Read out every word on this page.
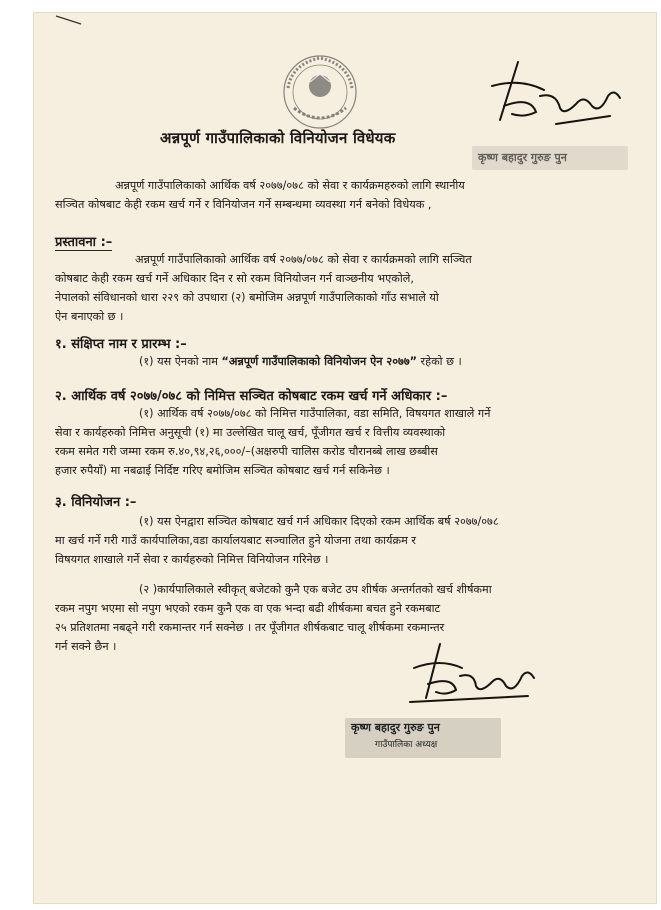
कृष्ण बहादुर गुरुङ पुन
कृष्ण बहादुर गुरुङ पुन
गाउँपालिका अध्यक्ष
अन्नपूर्ण गाउँपालिकाको विनियोजन विधेयक
अन्नपूर्ण गाउँपालिकाको आर्थिक वर्ष २०७७/०७८ को सेवा र कार्यक्रमहरुको लागि स्थानीय
सञ्चित कोषबाट केही रकम खर्च गर्ने र विनियोजन गर्ने सम्बन्धमा व्यवस्था गर्न बनेको विधेयक ,
प्रस्तावना :–
अन्नपूर्ण गाउँपालिकाको आर्थिक वर्ष २०७७/०७८ को सेवा र कार्यक्रमको लागि सञ्चित
कोषबाट केही रकम खर्च गर्ने अधिकार दिन र सो रकम विनियोजन गर्न वाञ्छनीय भएकोले,
नेपालको संविधानको धारा २२९ को उपधारा (२) बमोजिम अन्नपूर्ण गाउँपालिकाको गाँउ सभाले यो
ऐन बनाएको छ ।
१. संक्षिप्त नाम र प्रारम्भ :–
(१) यस ऐनको नाम “अन्नपूर्ण गाउँपालिकाको विनियोजन ऐन २०७७” रहेको छ ।
२. आर्थिक वर्ष २०७७/०७८ को निमित्त सञ्चित कोषबाट रकम खर्च गर्ने अधिकार :–
(१) आर्थिक वर्ष २०७७/०७८ को निमित्त गाउँपालिका, वडा समिति, विषयगत शाखाले गर्ने
सेवा र कार्यहरुको निमित्त अनुसूची (१) मा उल्लेखित चालू खर्च, पूँजीगत खर्च र वित्तीय व्यवस्थाको
रकम समेत गरी जम्मा रकम रु.४०,९४,२६,०००/–(अक्षरुपी चालिस करोड चौरानब्बे लाख छब्बीस
हजार रुपैयाँ) मा नबढाई निर्दिष्ट गरिए बमोजिम सञ्चित कोषबाट खर्च गर्न सकिनेछ ।
३. विनियोजन :–
(१) यस ऐनद्वारा सञ्चित कोषबाट खर्च गर्न अधिकार दिएको रकम आर्थिक बर्ष २०७७/०७८
मा खर्च गर्ने गरी गाउँ कार्यपालिका,वडा कार्यालयबाट सञ्चालित हुने योजना तथा कार्यक्रम र
विषयगत शाखाले गर्ने सेवा र कार्यहरुको निमित्त विनियोजन गरिनेछ ।
(२ )कार्यपालिकाले स्वीकृत् बजेटको कुनै एक बजेट उप शीर्षक अन्तर्गतको खर्च शीर्षकमा
रकम नपुग भएमा सो नपुग भएको रकम कुनै एक वा एक भन्दा बढी शीर्षकमा बचत हुने रकमबाट
२५ प्रतिशतमा नबढ्ने गरी रकमान्तर गर्न सक्नेछ । तर पूँजीगत शीर्षकबाट चालू शीर्षकमा रकमान्तर
गर्न सक्ने छैन ।
